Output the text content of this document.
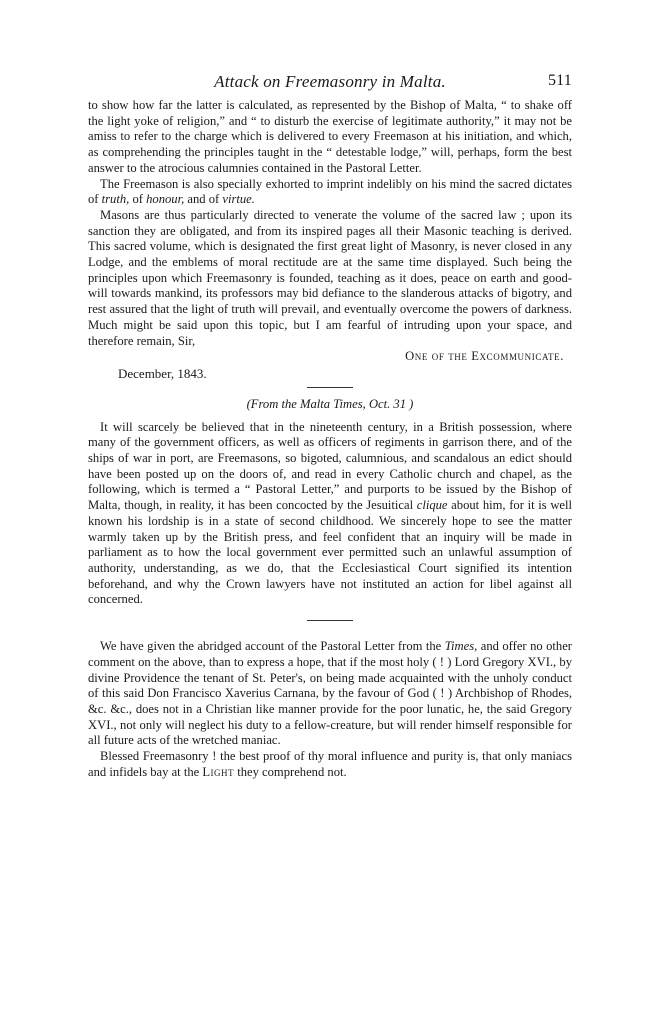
Attack on Freemasonry in Malta.	511

to show how far the latter is calculated, as represented by the Bishop of Malta, “ to shake off the light yoke of religion,” and “ to disturb the exercise of legitimate authority,” it may not be amiss to refer to the charge which is delivered to every Freemason at his initiation, and which, as comprehending the principles taught in the “ detestable lodge,” will, perhaps, form the best answer to the atrocious calumnies contained in the Pastoral Letter.

The Freemason is also specially exhorted to imprint indelibly on his mind the sacred dictates of truth, of honour, and of virtue.

Masons are thus particularly directed to venerate the volume of the sacred law ; upon its sanction they are obligated, and from its inspired pages all their Masonic teaching is derived. This sacred volume, which is designated the first great light of Masonry, is never closed in any Lodge, and the emblems of moral rectitude are at the same time displayed. Such being the principles upon which Freemasonry is founded, teaching as it does, peace on earth and good-will towards mankind, its professors may bid defiance to the slanderous attacks of bigotry, and rest assured that the light of truth will prevail, and eventually overcome the powers of darkness. Much might be said upon this topic, but I am fearful of intruding upon your space, and therefore remain, Sir,

One of the Excommunicate.
December, 1843.
(From the Malta Times, Oct. 31 )

It will scarcely be believed that in the nineteenth century, in a British possession, where many of the government officers, as well as officers of regiments in garrison there, and of the ships of war in port, are Freemasons, so bigoted, calumnious, and scandalous an edict should have been posted up on the doors of, and read in every Catholic church and chapel, as the following, which is termed a “ Pastoral Letter,” and purports to be issued by the Bishop of Malta, though, in reality, it has been concocted by the Jesuitical clique about him, for it is well known his lordship is in a state of second childhood. We sincerely hope to see the matter warmly taken up by the British press, and feel confident that an inquiry will be made in parliament as to how the local government ever permitted such an unlawful assumption of authority, understanding, as we do, that the Ecclesiastical Court signified its intention beforehand, and why the Crown lawyers have not instituted an action for libel against all concerned.

We have given the abridged account of the Pastoral Letter from the Times, and offer no other comment on the above, than to express a hope, that if the most holy ( ! ) Lord Gregory XVI., by divine Providence the tenant of St. Peter's, on being made acquainted with the unholy conduct of this said Don Francisco Xaverius Carnana, by the favour of God ( ! ) Archbishop of Rhodes, &c. &c., does not in a Christian like manner provide for the poor lunatic, he, the said Gregory XVI., not only will neglect his duty to a fellow-creature, but will render himself responsible for all future acts of the wretched maniac.

Blessed Freemasonry ! the best proof of thy moral influence and purity is, that only maniacs and infidels bay at the Light they comprehend not.
